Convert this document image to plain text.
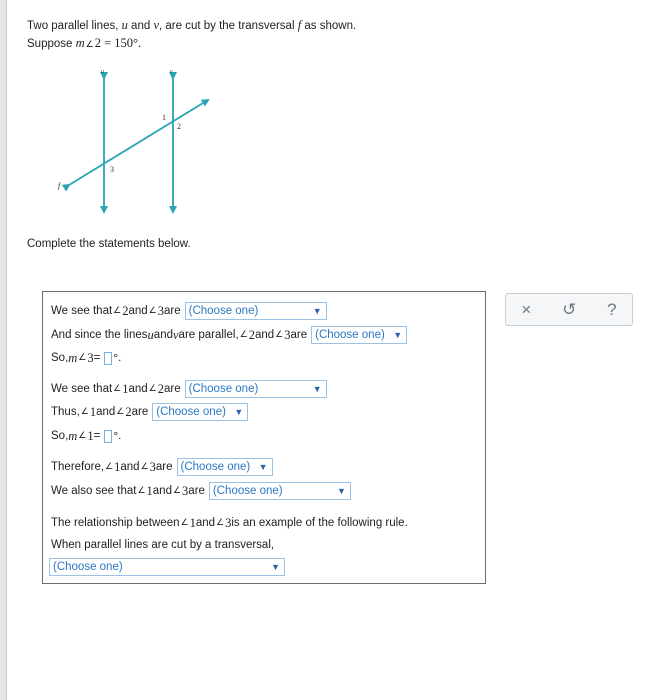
Two parallel lines, u and v, are cut by the transversal f as shown.
Suppose m∠2 = 150°.
u	v
f
1
2
3
Complete the statements below.
We see that ∠ 2 and ∠ 3 are (Choose one)	▼
And since the lines u and v are parallel, ∠ 2 and ∠ 3 are (Choose one) ▼
So, m ∠ 3 = ° .
We see that ∠ 1 and ∠ 2 are (Choose one)	▼
Thus, ∠ 1 and ∠ 2 are (Choose one) ▼
So, m ∠ 1 = ° .
Therefore, ∠ 1 and ∠ 3 are (Choose one) ▼
We also see that ∠ 1 and ∠ 3 are (Choose one)	▼
The relationship between ∠ 1 and ∠ 3 is an example of the following rule.
When parallel lines are cut by a transversal,
(Choose one)	▼
× ↺ ?
